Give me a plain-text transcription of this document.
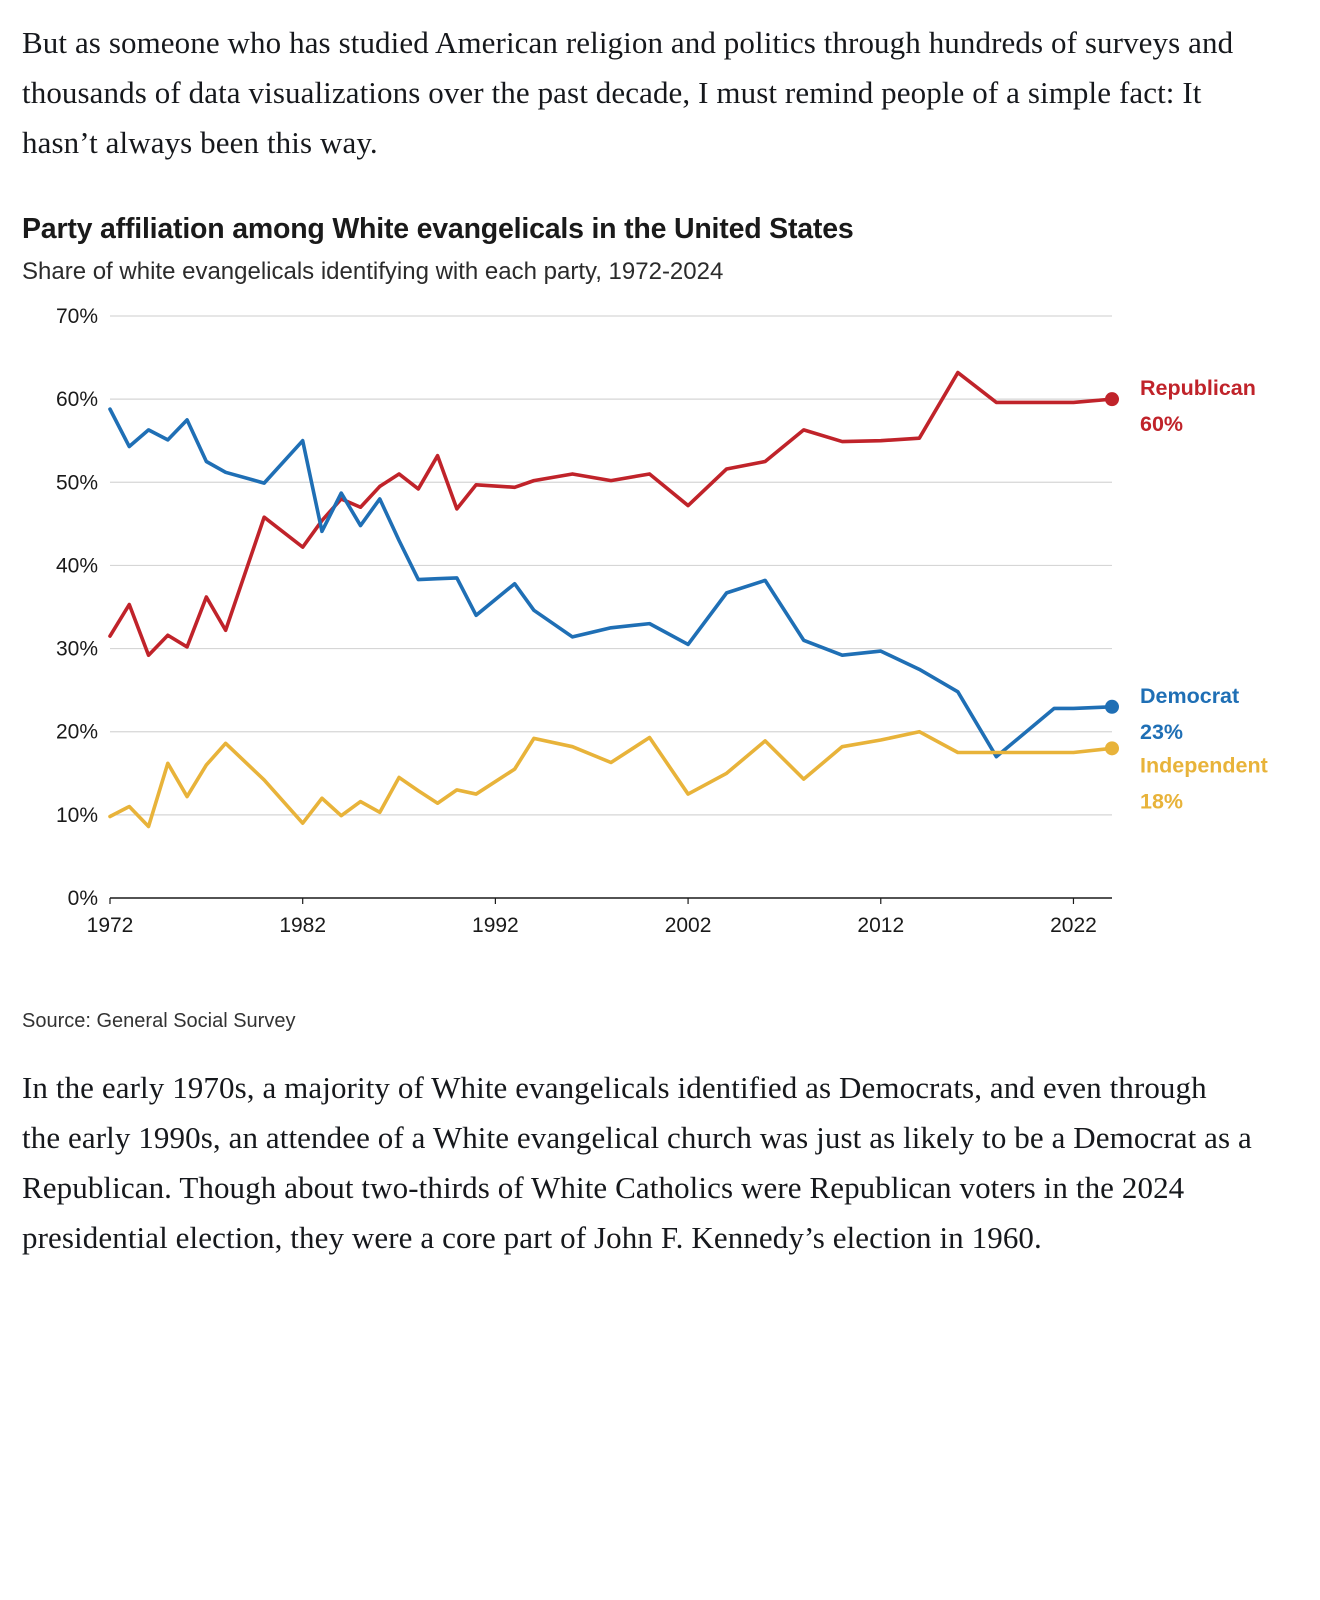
But as someone who has studied American religion and politics through hundreds of surveys and thousands of data visualizations over the past decade, I must remind people of a simple fact: It hasn’t always been this way.

Party affiliation among White evangelicals in the United States
Share of white evangelicals identifying with each party, 1972-2024
0%
10%
20%
30%
40%
50%
60%
70%
1972	1982	1992	2002	2012	2022
Republican
60%
Democrat
23%
Independent
18%
Source: General Social Survey

In the early 1970s, a majority of White evangelicals identified as Democrats, and even through the early 1990s, an attendee of a White evangelical church was just as likely to be a Democrat as a Republican. Though about two-thirds of White Catholics were Republican voters in the 2024 presidential election, they were a core part of John F. Kennedy’s election in 1960.
